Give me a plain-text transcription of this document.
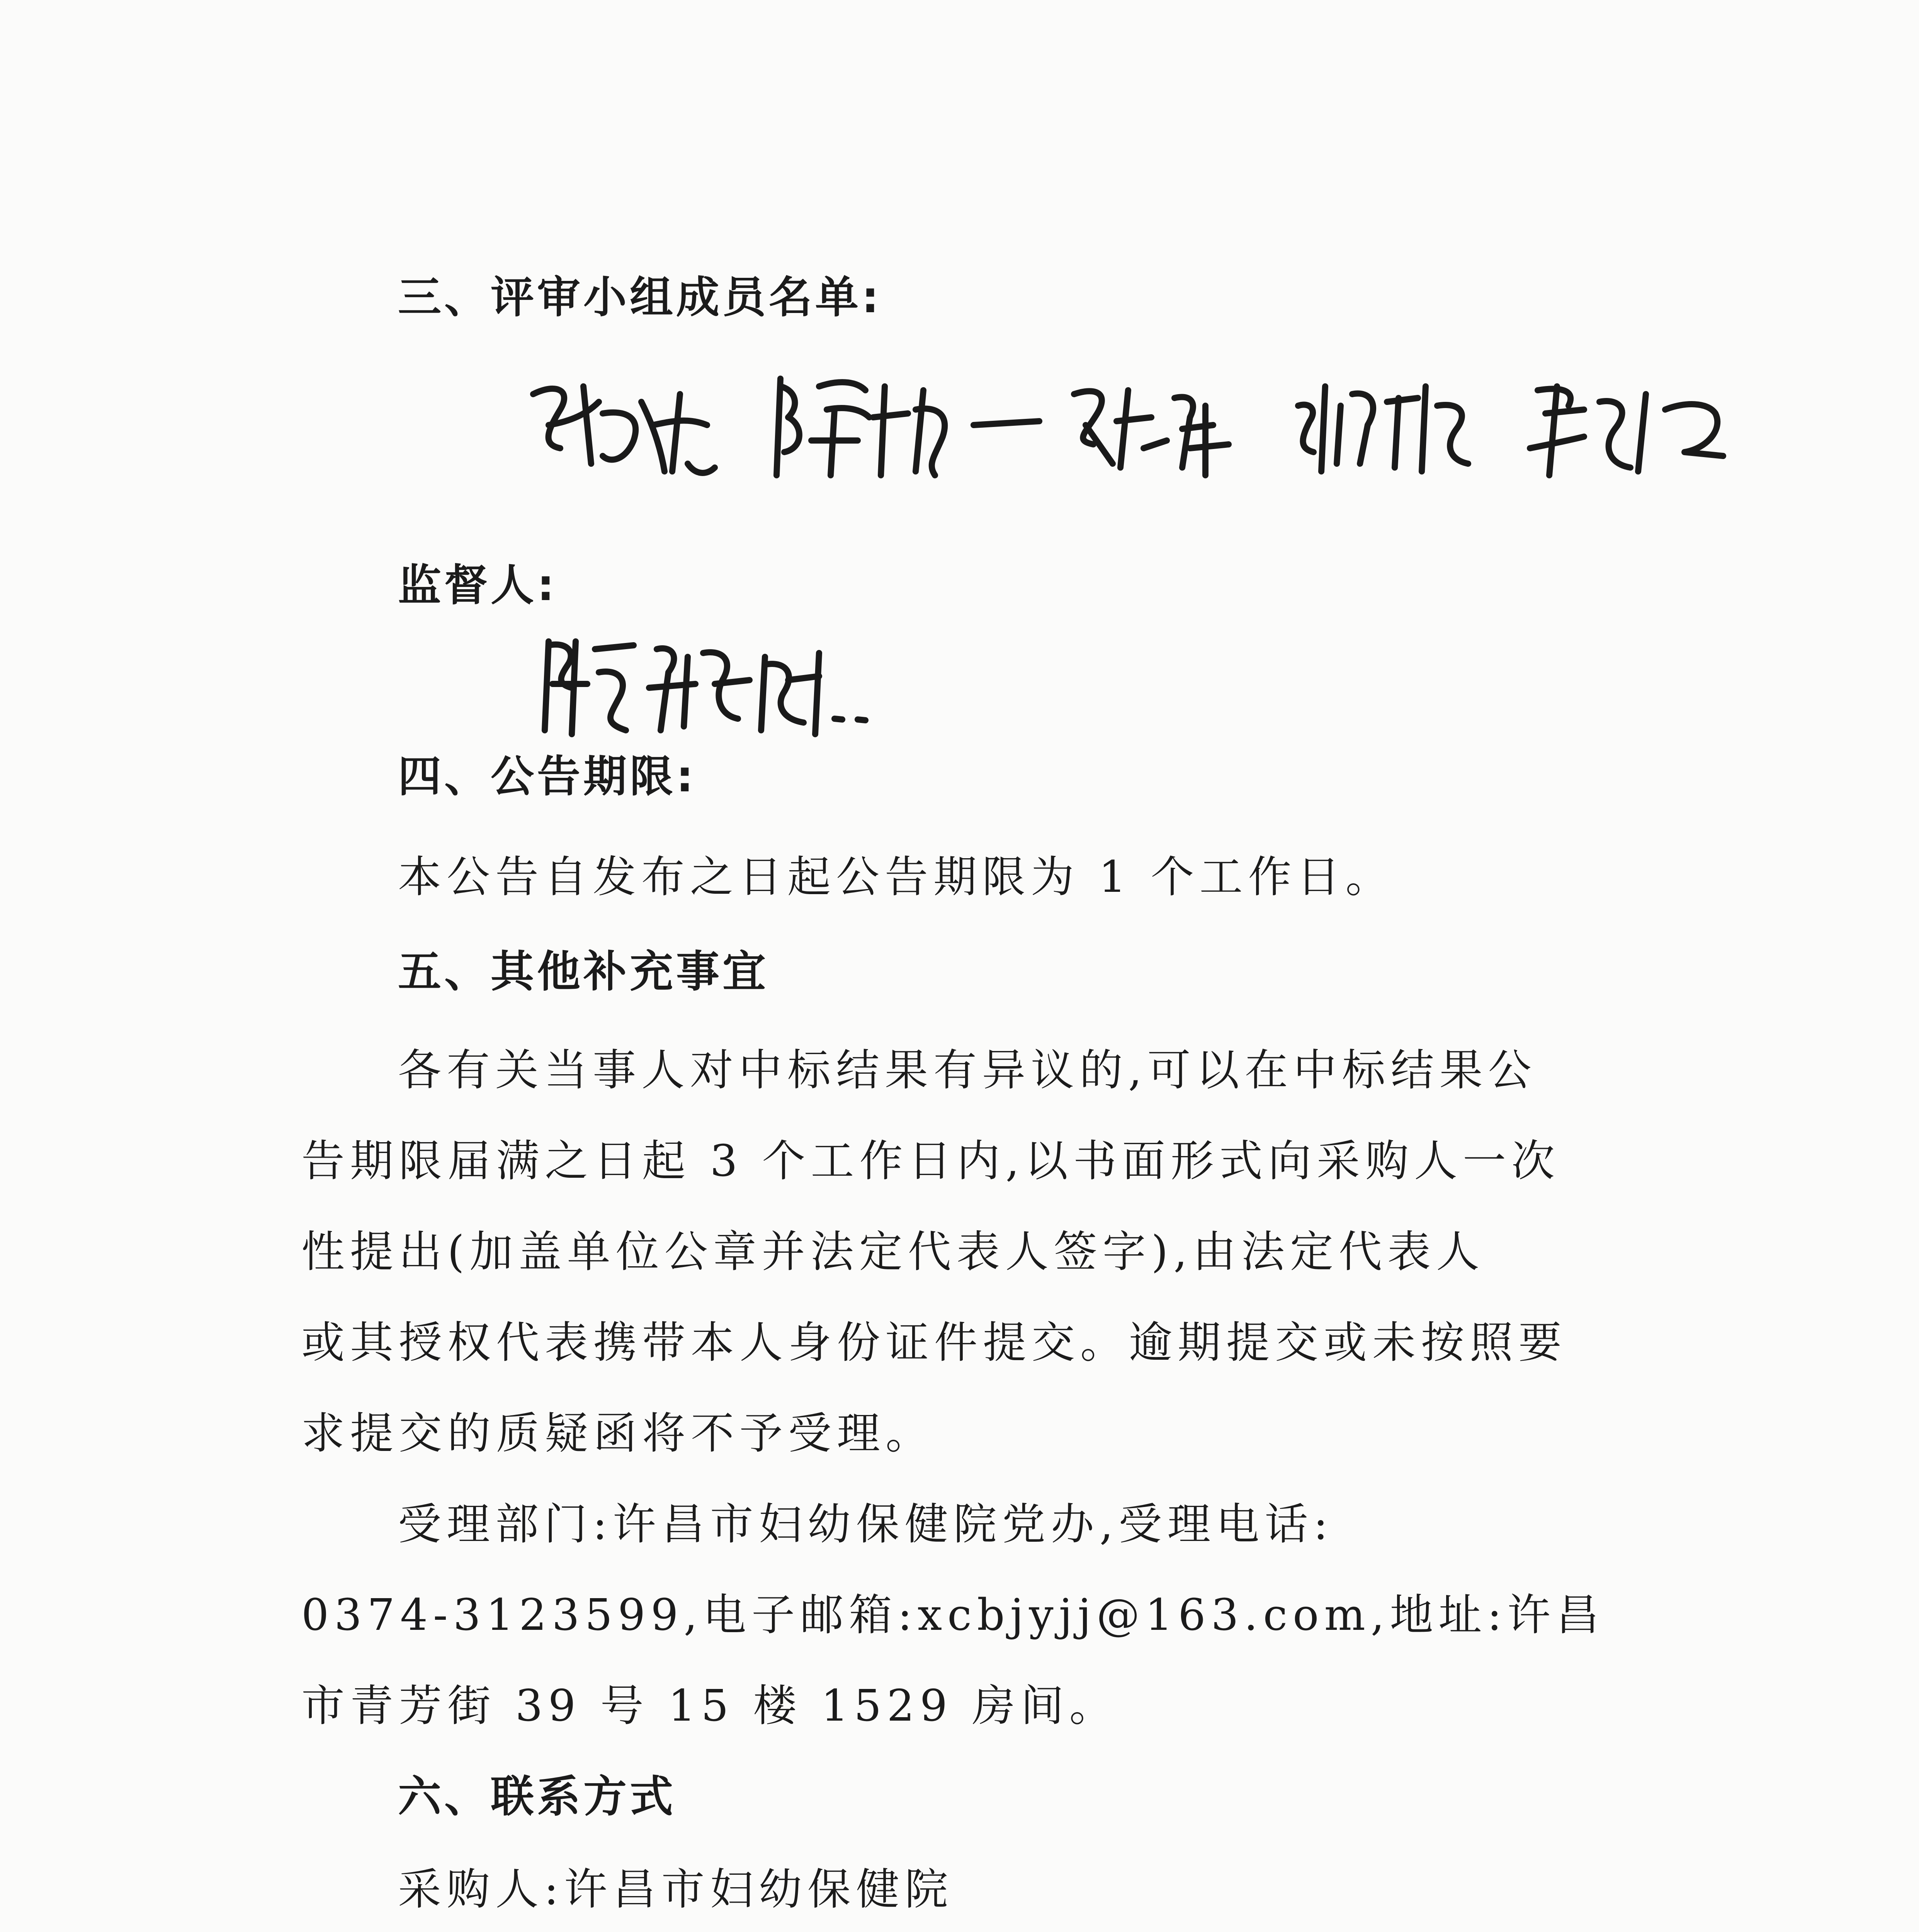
三、评审小组成员名单:
监督人:
四、公告期限:
本公告自发布之日起公告期限为 1 个工作日。
五、其他补充事宜
各有关当事人对中标结果有异议的,可以在中标结果公
告期限届满之日起 3 个工作日内,以书面形式向采购人一次
性提出(加盖单位公章并法定代表人签字),由法定代表人
或其授权代表携带本人身份证件提交。逾期提交或未按照要
求提交的质疑函将不予受理。
受理部门:许昌市妇幼保健院党办,受理电话:
0374-3123599,电子邮箱:xcbjyjj@163.com,地址:许昌
市青芳街 39 号 15 楼 1529 房间。
六、联系方式
采购人:许昌市妇幼保健院
